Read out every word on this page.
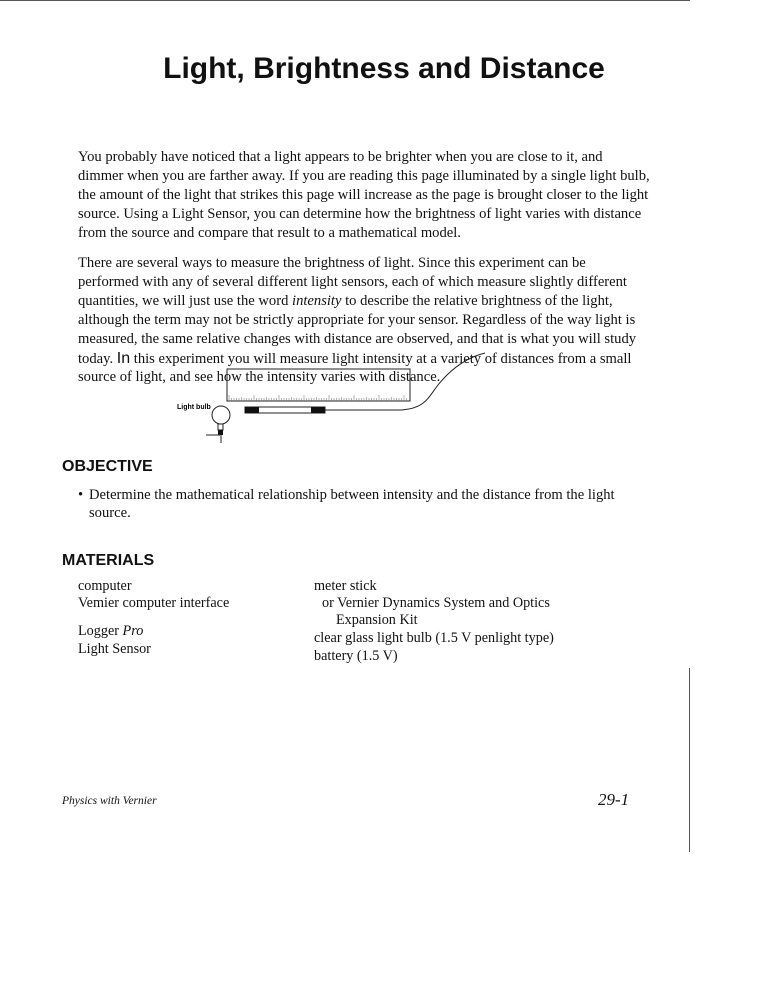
Light, Brightness and Distance
You probably have noticed that a light appears to be brighter when you are close to it, and
dimmer when you are farther away. If you are reading this page illuminated by a single light bulb,
the amount of the light that strikes this page will increase as the page is brought closer to the light
source. Using a Light Sensor, you can determine how the brightness of light varies with distance
from the source and compare that result to a mathematical model.
There are several ways to measure the brightness of light. Since this experiment can be
performed with any of several different light sensors, each of which measure slightly different
quantities, we will just use the word intensity to describe the relative brightness of the light,
although the term may not be strictly appropriate for your sensor. Regardless of the way light is
measured, the same relative changes with distance are observed, and that is what you will study
today. In this experiment you will measure light intensity at a variety of distances from a small
source of light, and see how the intensity varies with distance.
Light bulb
OBJECTIVE
• Determine the mathematical relationship between intensity and the distance from the light
source.
MATERIALS
computer
Vemier computer interface
Logger Pro
Light Sensor
meter stick
or Vernier Dynamics System and Optics
Expansion Kit
clear glass light bulb (1.5 V penlight type)
battery (1.5 V)
Physics with Vernier	29-1
